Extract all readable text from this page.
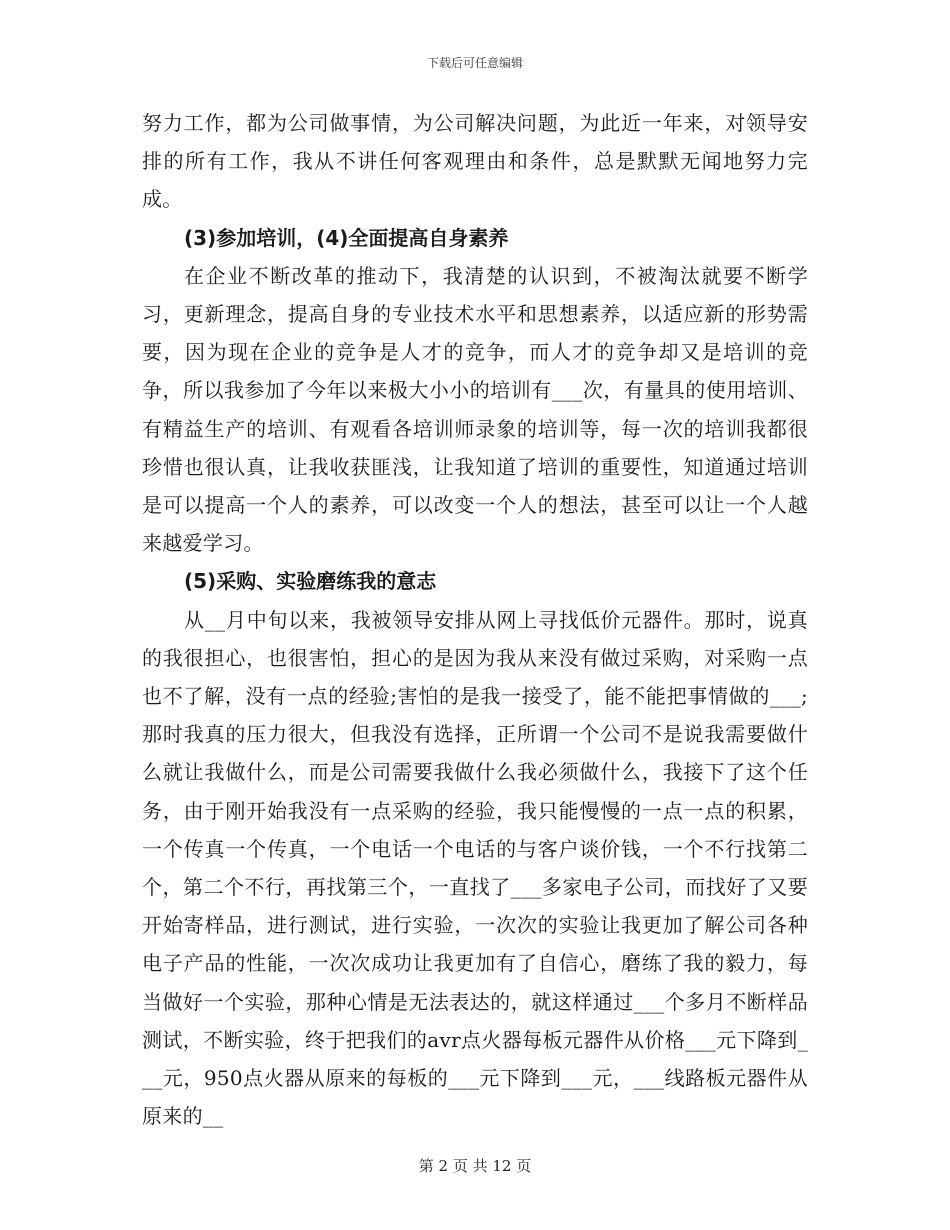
下载后可任意编辑

努力工作，都为公司做事情，为公司解决问题，为此近一年来，对领导安排的所有工作，我从不讲任何客观理由和条件，总是默默无闻地努力完成。

(3)参加培训，(4)全面提高自身素养

在企业不断改革的推动下，我清楚的认识到，不被淘汰就要不断学习，更新理念，提高自身的专业技术水平和思想素养，以适应新的形势需要，因为现在企业的竞争是人才的竞争，而人才的竞争却又是培训的竞争，所以我参加了今年以来极大小小的培训有___次，有量具的使用培训、有精益生产的培训、有观看各培训师录象的培训等，每一次的培训我都很珍惜也很认真，让我收获匪浅，让我知道了培训的重要性，知道通过培训是可以提高一个人的素养，可以改变一个人的想法，甚至可以让一个人越来越爱学习。

(5)采购、实验磨练我的意志

从__月中旬以来，我被领导安排从网上寻找低价元器件。那时，说真的我很担心，也很害怕，担心的是因为我从来没有做过采购，对采购一点也不了解，没有一点的经验;害怕的是我一接受了，能不能把事情做的___;那时我真的压力很大，但我没有选择，正所谓一个公司不是说我需要做什么就让我做什么，而是公司需要我做什么我必须做什么，我接下了这个任务，由于刚开始我没有一点采购的经验，我只能慢慢的一点一点的积累，一个传真一个传真，一个电话一个电话的与客户谈价钱，一个不行找第二个，第二个不行，再找第三个，一直找了___多家电子公司，而找好了又要开始寄样品，进行测试，进行实验，一次次的实验让我更加了解公司各种电子产品的性能，一次次成功让我更加有了自信心，磨练了我的毅力，每当做好一个实验，那种心情是无法表达的，就这样通过___个多月不断样品测试，不断实验，终于把我们的avr点火器每板元器件从价格___元下降到___元，950点火器从原来的每板的___元下降到___元，___线路板元器件从原来的__

第 2 页 共 12 页
